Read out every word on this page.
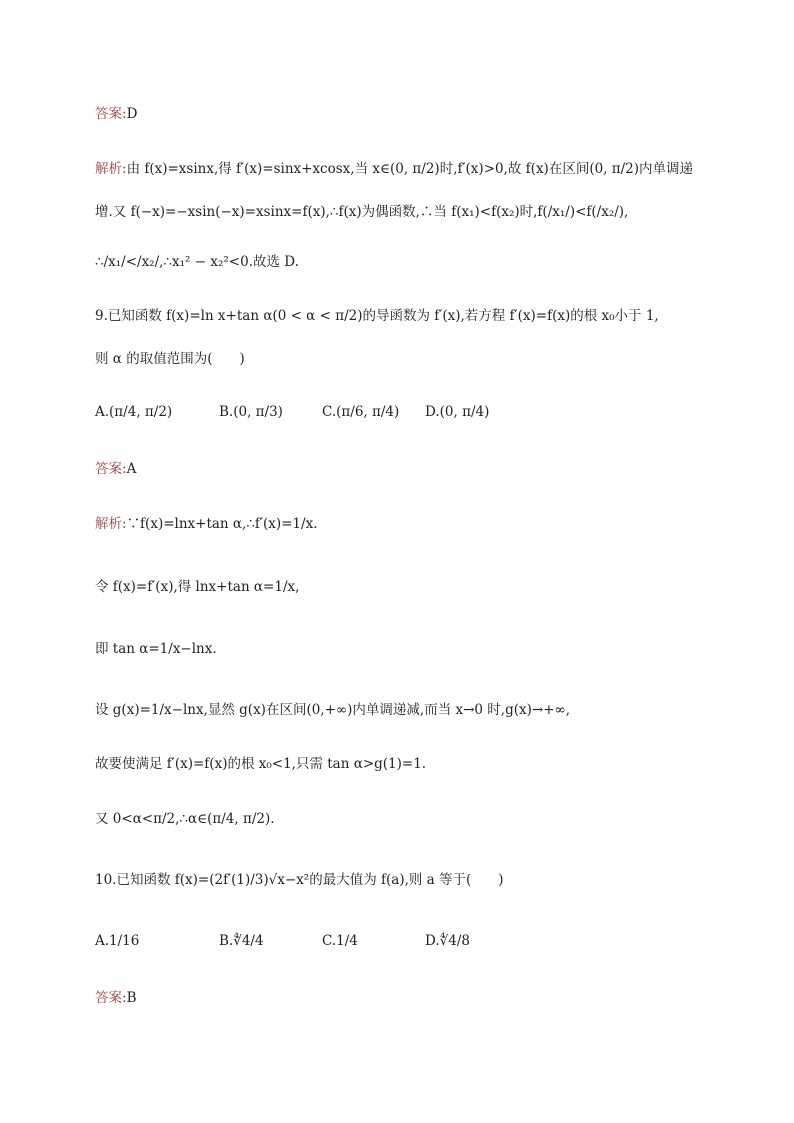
答案:D
解析:由 f(x)=xsinx,得 f′(x)=sinx+xcosx,当 x∈(0, π/2)时,f′(x)>0,故 f(x)在区间(0, π/2)内单调递
增.又 f(−x)=−xsin(−x)=xsinx=f(x),∴f(x)为偶函数,∴当 f(x₁)<f(x₂)时,f(/x₁/)<f(/x₂/),
∴/x₁/</x₂/,∴x₁² − x₂²<0.故选 D.
9.已知函数 f(x)=ln x+tan α(0 < α < π/2)的导函数为 f′(x),若方程 f′(x)=f(x)的根 x₀小于 1,
则 α 的取值范围为(　　)
A.(π/4, π/2)	B.(0, π/3)	C.(π/6, π/4) D.(0, π/4)
答案:A
解析:∵f(x)=lnx+tan α,∴f′(x)=1/x.
令 f(x)=f′(x),得 lnx+tan α=1/x,
即 tan α=1/x−lnx.
设 g(x)=1/x−lnx,显然 g(x)在区间(0,+∞)内单调递减,而当 x→0 时,g(x)→+∞,
故要使满足 f′(x)=f(x)的根 x₀<1,只需 tan α>g(1)=1.
又 0<α<π/2,∴α∈(π/4, π/2).
10.已知函数 f(x)=(2f′(1)/3)√x−x²的最大值为 f(a),则 a 等于(　　)
A.1/16	B.∜4/4	C.1/4	D.∜4/8
答案:B
